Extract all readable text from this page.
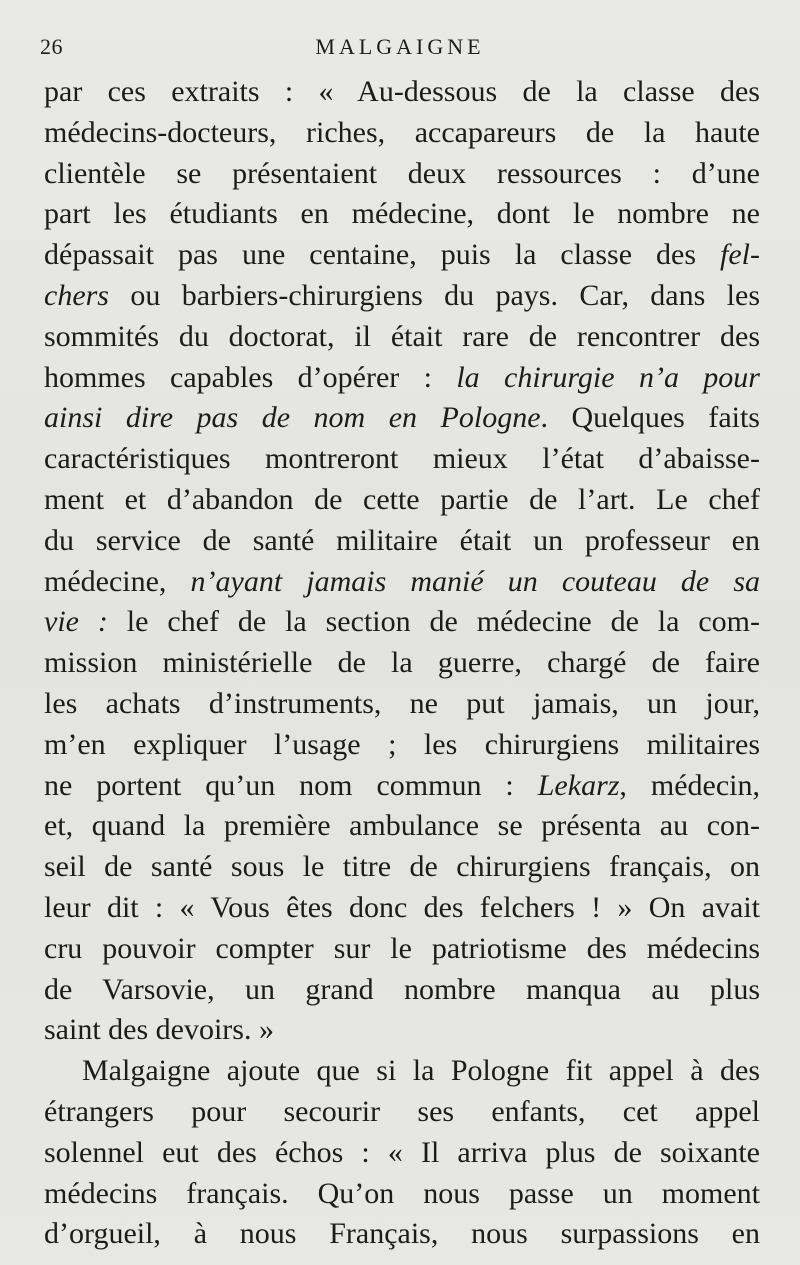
26	MALGAIGNE
par ces extraits : « Au-dessous de la classe des
médecins-docteurs, riches, accapareurs de la haute
clientèle se présentaient deux ressources : d’une
part les étudiants en médecine, dont le nombre ne
dépassait pas une centaine, puis la classe des fel-
chers ou barbiers-chirurgiens du pays. Car, dans les
sommités du doctorat, il était rare de rencontrer des
hommes capables d’opérer : la chirurgie n’a pour
ainsi dire pas de nom en Pologne. Quelques faits
caractéristiques montreront mieux l’état d’abaisse-
ment et d’abandon de cette partie de l’art. Le chef
du service de santé militaire était un professeur en
médecine, n’ayant jamais manié un couteau de sa
vie : le chef de la section de médecine de la com-
mission ministérielle de la guerre, chargé de faire
les achats d’instruments, ne put jamais, un jour,
m’en expliquer l’usage ; les chirurgiens militaires
ne portent qu’un nom commun : Lekarz, médecin,
et, quand la première ambulance se présenta au con-
seil de santé sous le titre de chirurgiens français, on
leur dit : « Vous êtes donc des felchers ! » On avait
cru pouvoir compter sur le patriotisme des médecins
de Varsovie, un grand nombre manqua au plus
saint des devoirs. »
Malgaigne ajoute que si la Pologne fit appel à des
étrangers pour secourir ses enfants, cet appel
solennel eut des échos : « Il arriva plus de soixante
médecins français. Qu’on nous passe un moment
d’orgueil, à nous Français, nous surpassions en
